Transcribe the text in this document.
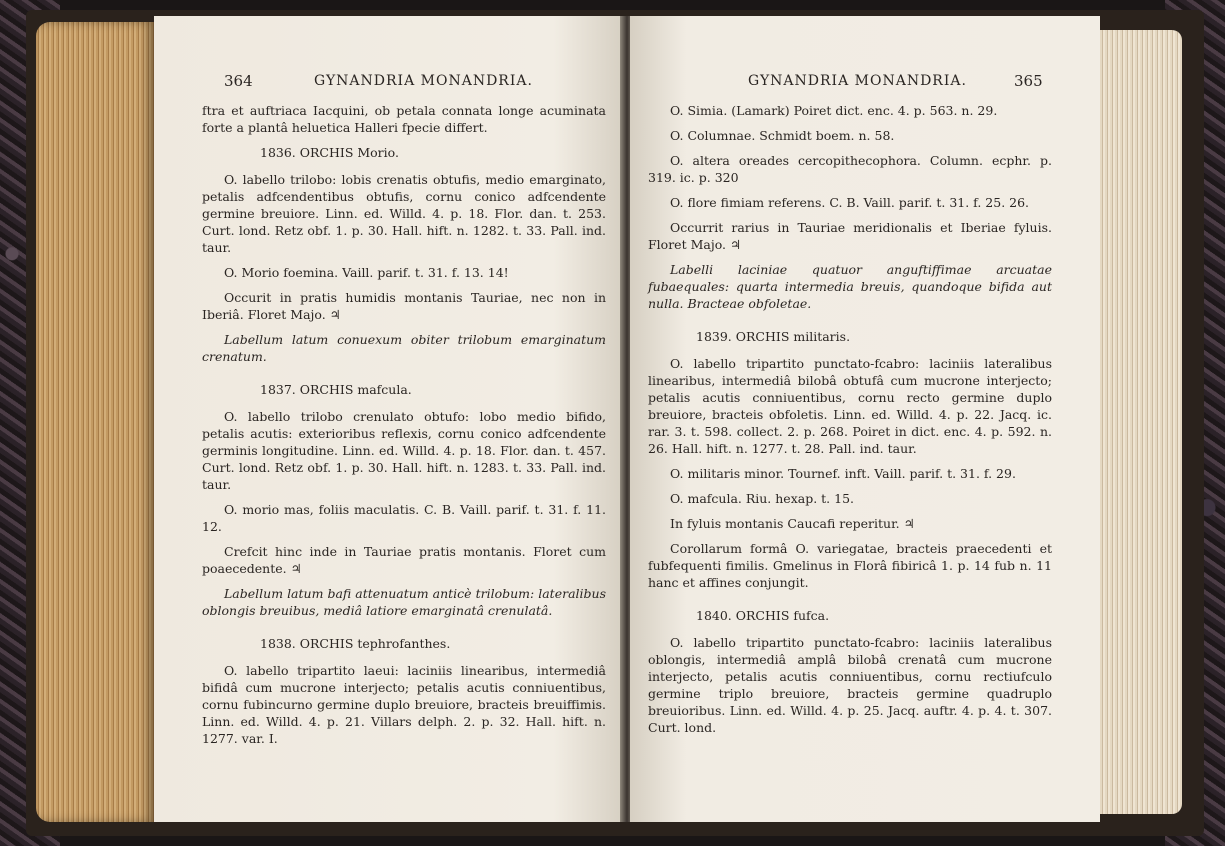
364	GYNANDRIA MONANDRIA.

ftra et auftriaca Iacquini, ob petala connata longe acuminata forte a plantâ heluetica Halleri fpecie differt.

1836. ORCHIS Morio.

O. labello trilobo: lobis crenatis obtufis, medio emarginato, petalis adfcendentibus obtufis, cornu conico adfcendente germine breuiore. Linn. ed. Willd. 4. p. 18. Flor. dan. t. 253. Curt. lond. Retz obf. 1. p. 30. Hall. hift. n. 1282. t. 33. Pall. ind. taur.

O. Morio foemina. Vaill. parif. t. 31. f. 13. 14!

Occurit in pratis humidis montanis Tauriae, nec non in Iberiâ. Floret Majo. ♃

Labellum latum conuexum obiter trilobum emarginatum crenatum.

1837. ORCHIS mafcula.

O. labello trilobo crenulato obtufo: lobo medio bifido, petalis acutis: exterioribus reflexis, cornu conico adfcendente germinis longitudine. Linn. ed. Willd. 4. p. 18. Flor. dan. t. 457. Curt. lond. Retz obf. 1. p. 30. Hall. hift. n. 1283. t. 33. Pall. ind. taur.

O. morio mas, foliis maculatis. C. B. Vaill. parif. t. 31. f. 11. 12.

Crefcit hinc inde in Tauriae pratis montanis. Floret cum poaecedente. ♃

Labellum latum bafi attenuatum anticè trilobum: lateralibus oblongis breuibus, mediâ latiore emarginatâ crenulatâ.

1838. ORCHIS tephrofanthes.

O. labello tripartito laeui: laciniis linearibus, intermediâ bifidâ cum mucrone interjecto; petalis acutis conniuentibus, cornu fubincurno germine duplo breuiore, bracteis breuiffimis. Linn. ed. Willd. 4. p. 21. Villars delph. 2. p. 32. Hall. hift. n. 1277. var. I.

GYNANDRIA MONANDRIA.	365

O. Simia. (Lamark) Poiret dict. enc. 4. p. 563. n. 29.

O. Columnae. Schmidt boem. n. 58.

O. altera oreades cercopithecophora. Column. ecphr. p. 319. ic. p. 320

O. flore fimiam referens. C. B. Vaill. parif. t. 31. f. 25. 26.

Occurrit rarius in Tauriae meridionalis et Iberiae fyluis. Floret Majo. ♃

Labelli laciniae quatuor anguftiffimae arcuatae fubaequales: quarta intermedia breuis, quandoque bifida aut nulla. Bracteae obfoletae.

1839. ORCHIS militaris.

O. labello tripartito punctato-fcabro: laciniis lateralibus linearibus, intermediâ bilobâ obtufâ cum mucrone interjecto; petalis acutis conniuentibus, cornu recto germine duplo breuiore, bracteis obfoletis. Linn. ed. Willd. 4. p. 22. Jacq. ic. rar. 3. t. 598. collect. 2. p. 268. Poiret in dict. enc. 4. p. 592. n. 26. Hall. hift. n. 1277. t. 28. Pall. ind. taur.

O. militaris minor. Tournef. inft. Vaill. parif. t. 31. f. 29.

O. mafcula. Riu. hexap. t. 15.

In fyluis montanis Caucafi reperitur. ♃

Corollarum formâ O. variegatae, bracteis praecedenti et fubfequenti fimilis. Gmelinus in Florâ fibiricâ 1. p. 14 fub n. 11 hanc et affines conjungit.

1840. ORCHIS fufca.

O. labello tripartito punctato-fcabro: laciniis lateralibus oblongis, intermediâ amplâ bilobâ crenatâ cum mucrone interjecto, petalis acutis conniuentibus, cornu rectiufculo germine triplo breuiore, bracteis germine quadruplo breuioribus. Linn. ed. Willd. 4. p. 25. Jacq. auftr. 4. p. 4. t. 307. Curt. lond.
